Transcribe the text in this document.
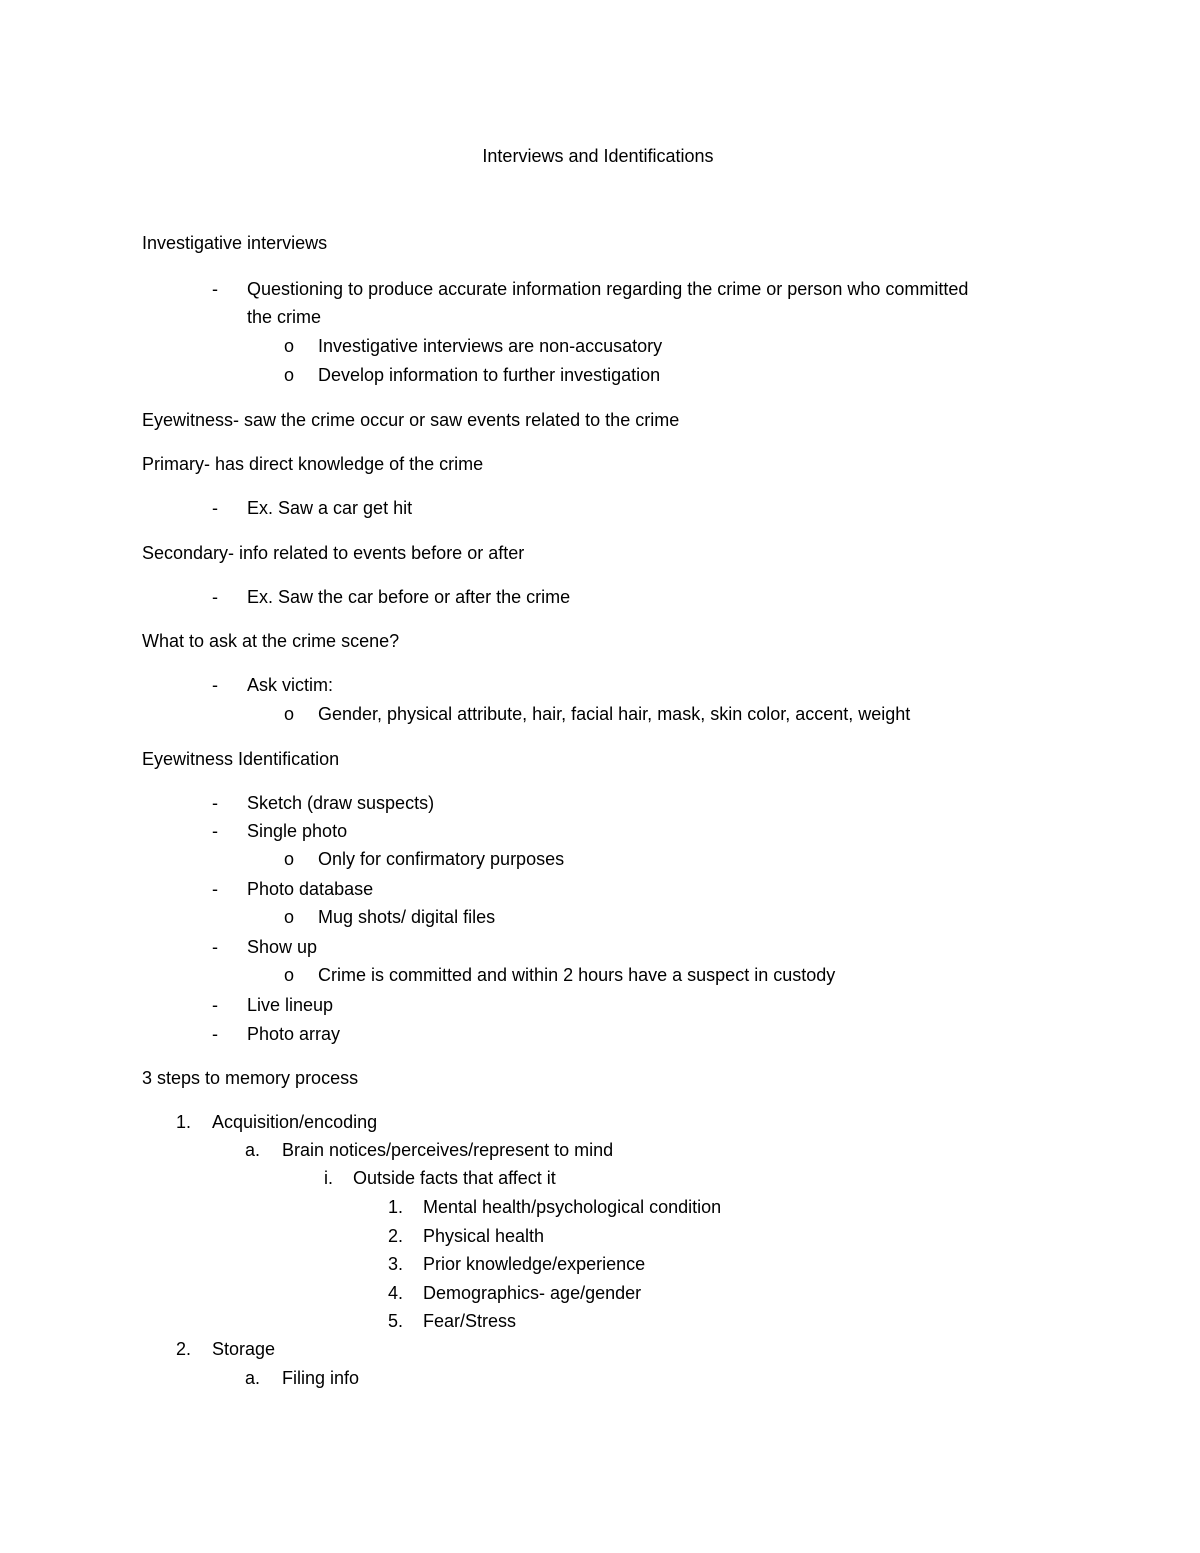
Interviews and Identifications
Investigative interviews
- Questioning to produce accurate information regarding the crime or person who committed
the crime
o Investigative interviews are non-accusatory
o Develop information to further investigation
Eyewitness- saw the crime occur or saw events related to the crime
Primary- has direct knowledge of the crime
- Ex. Saw a car get hit
Secondary- info related to events before or after
- Ex. Saw the car before or after the crime
What to ask at the crime scene?
- Ask victim:
o Gender, physical attribute, hair, facial hair, mask, skin color, accent, weight
Eyewitness Identification
- Sketch (draw suspects)
- Single photo
o Only for confirmatory purposes
- Photo database
o Mug shots/ digital files
- Show up
o Crime is committed and within 2 hours have a suspect in custody
- Live lineup
- Photo array
3 steps to memory process
1. Acquisition/encoding
a. Brain notices/perceives/represent to mind
i. Outside facts that affect it
1. Mental health/psychological condition
2. Physical health
3. Prior knowledge/experience
4. Demographics- age/gender
5. Fear/Stress
2. Storage
a. Filing info
